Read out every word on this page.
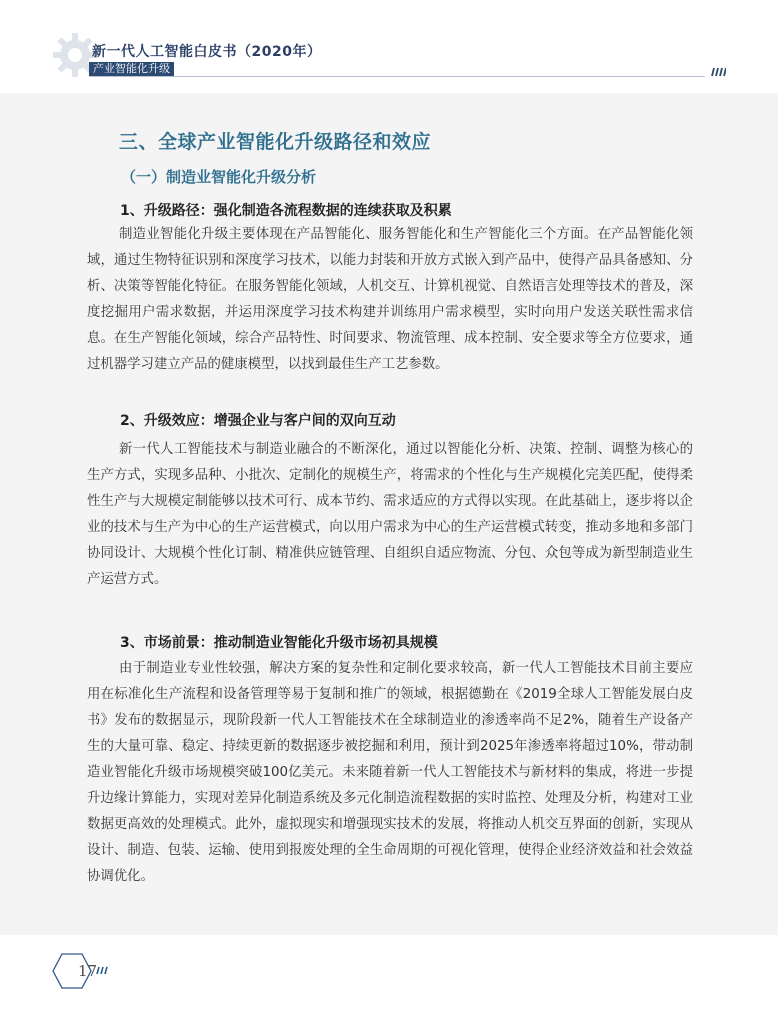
新一代人工智能白皮书（2020年）
产业智能化升级
三、全球产业智能化升级路径和效应
（一）制造业智能化升级分析
1、升级路径：强化制造各流程数据的连续获取及积累

制造业智能化升级主要体现在产品智能化、服务智能化和生产智能化三个方面。在产品智能化领域，通过生物特征识别和深度学习技术，以能力封装和开放方式嵌入到产品中，使得产品具备感知、分析、决策等智能化特征。在服务智能化领域，人机交互、计算机视觉、自然语言处理等技术的普及，深度挖掘用户需求数据，并运用深度学习技术构建并训练用户需求模型，实时向用户发送关联性需求信息。在生产智能化领域，综合产品特性、时间要求、物流管理、成本控制、安全要求等全方位要求，通过机器学习建立产品的健康模型，以找到最佳生产工艺参数。

2、升级效应：增强企业与客户间的双向互动

新一代人工智能技术与制造业融合的不断深化，通过以智能化分析、决策、控制、调整为核心的生产方式，实现多品种、小批次、定制化的规模生产，将需求的个性化与生产规模化完美匹配，使得柔性生产与大规模定制能够以技术可行、成本节约、需求适应的方式得以实现。在此基础上，逐步将以企业的技术与生产为中心的生产运营模式，向以用户需求为中心的生产运营模式转变，推动多地和多部门协同设计、大规模个性化订制、精准供应链管理、自组织自适应物流、分包、众包等成为新型制造业生产运营方式。

3、市场前景：推动制造业智能化升级市场初具规模

由于制造业专业性较强，解决方案的复杂性和定制化要求较高，新一代人工智能技术目前主要应用在标准化生产流程和设备管理等易于复制和推广的领域，根据德勤在《2019全球人工智能发展白皮书》发布的数据显示，现阶段新一代人工智能技术在全球制造业的渗透率尚不足2%，随着生产设备产生的大量可靠、稳定、持续更新的数据逐步被挖掘和利用，预计到2025年渗透率将超过10%，带动制造业智能化升级市场规模突破100亿美元。未来随着新一代人工智能技术与新材料的集成，将进一步提升边缘计算能力，实现对差异化制造系统及多元化制造流程数据的实时监控、处理及分析，构建对工业数据更高效的处理模式。此外，虚拟现实和增强现实技术的发展，将推动人机交互界面的创新，实现从设计、制造、包装、运输、使用到报废处理的全生命周期的可视化管理，使得企业经济效益和社会效益协调优化。

17
